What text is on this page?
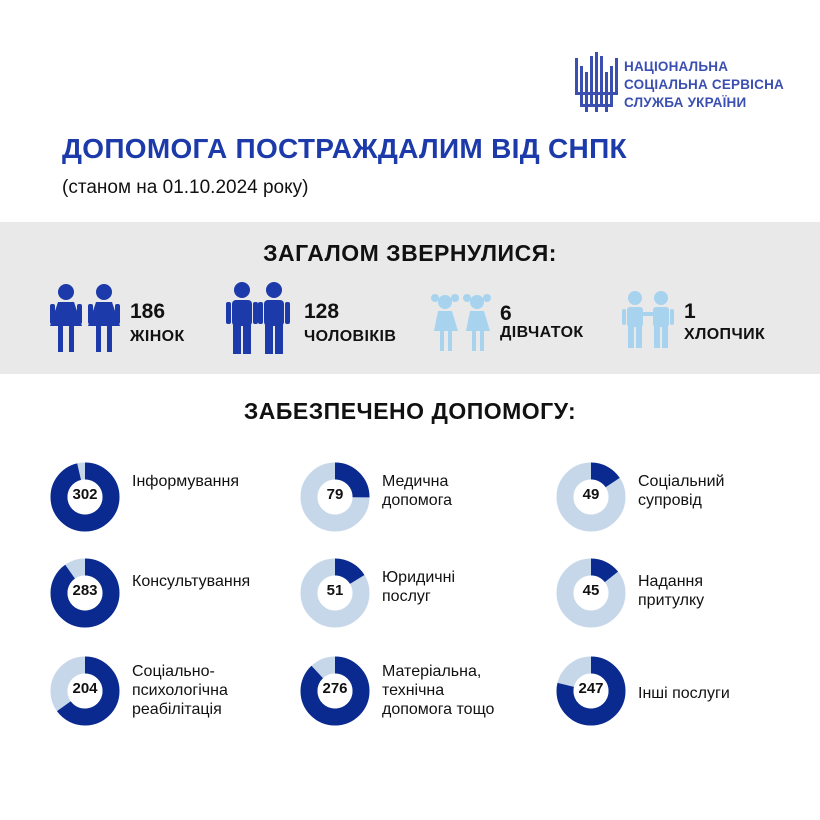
НАЦІОНАЛЬНА
СОЦІАЛЬНА СЕРВІСНА
СЛУЖБА УКРАЇНИ
ДОПОМОГА ПОСТРАЖДАЛИМ ВІД СНПК
(станом на 01.10.2024 року)
ЗАГАЛОМ ЗВЕРНУЛИСЯ:
186
ЖІНОК
128
ЧОЛОВІКІВ
6
ДІВЧАТОК
1
ХЛОПЧИК
ЗАБЕЗПЕЧЕНО ДОПОМОГУ:
302
Інформування
79
Медична
допомога	49
Соціальний
супровід
283
Консультування
51
Юридичні
послуг	45
Надання
притулку
204
Соціально-
психологічна
реабілітація
276
Матеріальна,
технічна
допомога тощо
247	Інші послуги
